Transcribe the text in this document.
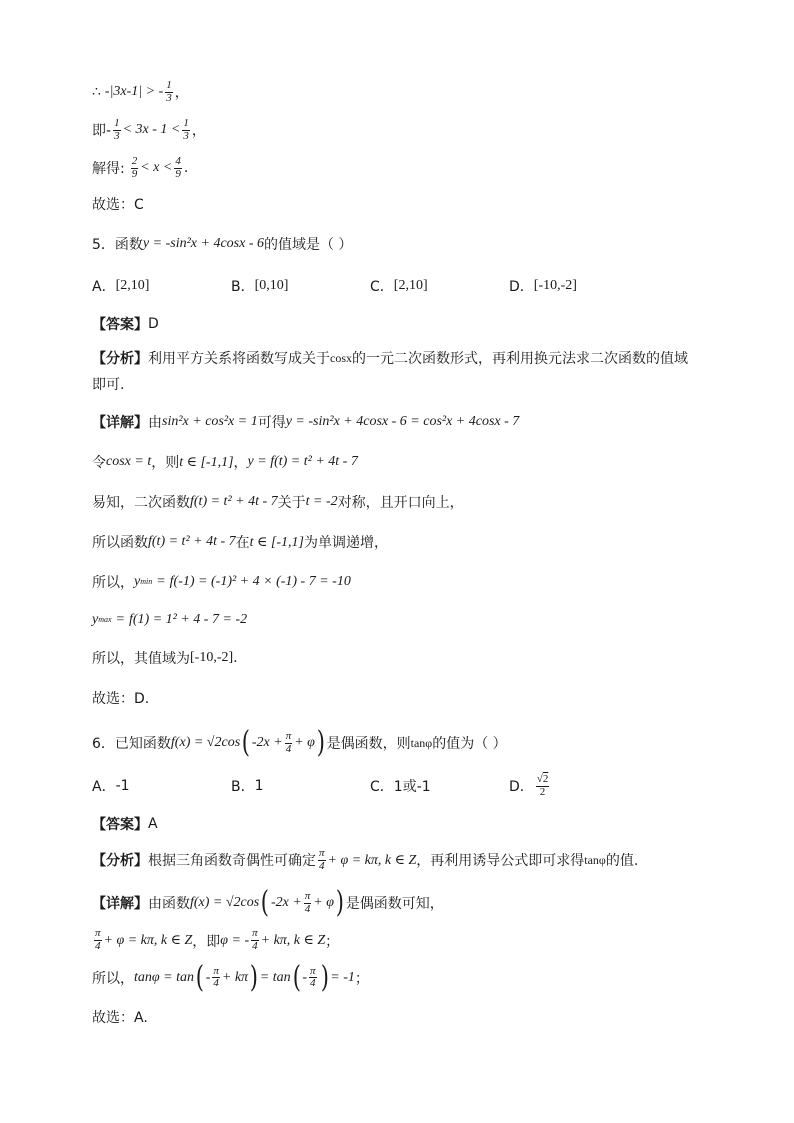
∴ -|3x-1| > - $\frac{1}{3}$ ，
即- $\frac{1}{3} < 3x - 1 < \frac{1}{3}$ ，
解得: $\frac{2}{9} < x < \frac{4}{9}$ .
故选：C
5．函数 y = -sin²x + 4cosx - 6 的值域是（ ）
A． [2,10]	B． [0,10]	C． [2,10]	D． [-10,-2]
【答案】 D
【分析】 利用平方关系将函数写成关于 cosx 的一元二次函数形式，再利用换元法求二次函数的值域
即可.
【详解】 由 sin²x + cos²x = 1 可得 y = -sin²x + 4cosx - 6 = cos²x + 4cosx - 7
令 cosx = t ，则 t ∈ [-1,1] ， y = f(t) = t² + 4t - 7
易知，二次函数 f(t) = t² + 4t - 7 关于 t = -2 对称，且开口向上，
所以函数 f(t) = t² + 4t - 7 在 t ∈ [-1,1] 为单调递增，
所以， y min = f(-1) = (-1)² + 4 × (-1) - 7 = -10
y max = f(1) = 1² + 4 - 7 = -2
所以，其值域为 [-10,-2] .
故选：D.
6．已知函数 f(x) = √2cos ( $-2x + \frac{\pi}{4} + \varphi$ ) 是偶函数，则 tanφ 的值为（ ）
A． -1	B． 1	C． 1或-1	D． $\frac{√2}{2}$
【答案】 A
【分析】 根据三角函数奇偶性可确定 $\frac{\pi}{4} + \varphi = k\pi$, k ∈ Z ，再利用诱导公式即可求得 tanφ 的值.
【详解】 由函数 f(x) = √2cos ( $-2x + \frac{\pi}{4} + \varphi$ ) 是偶函数可知，
$\frac{\pi}{4} + \varphi = k\pi$, k ∈ Z ，即 φ = - $\frac{\pi}{4} + k\pi$, k ∈ Z ；
所以， tanφ = tan ( - $\frac{\pi}{4} + k\pi$ ) = tan ( - $\frac{\pi}{4}$ ) = -1 ；
故选：A.
